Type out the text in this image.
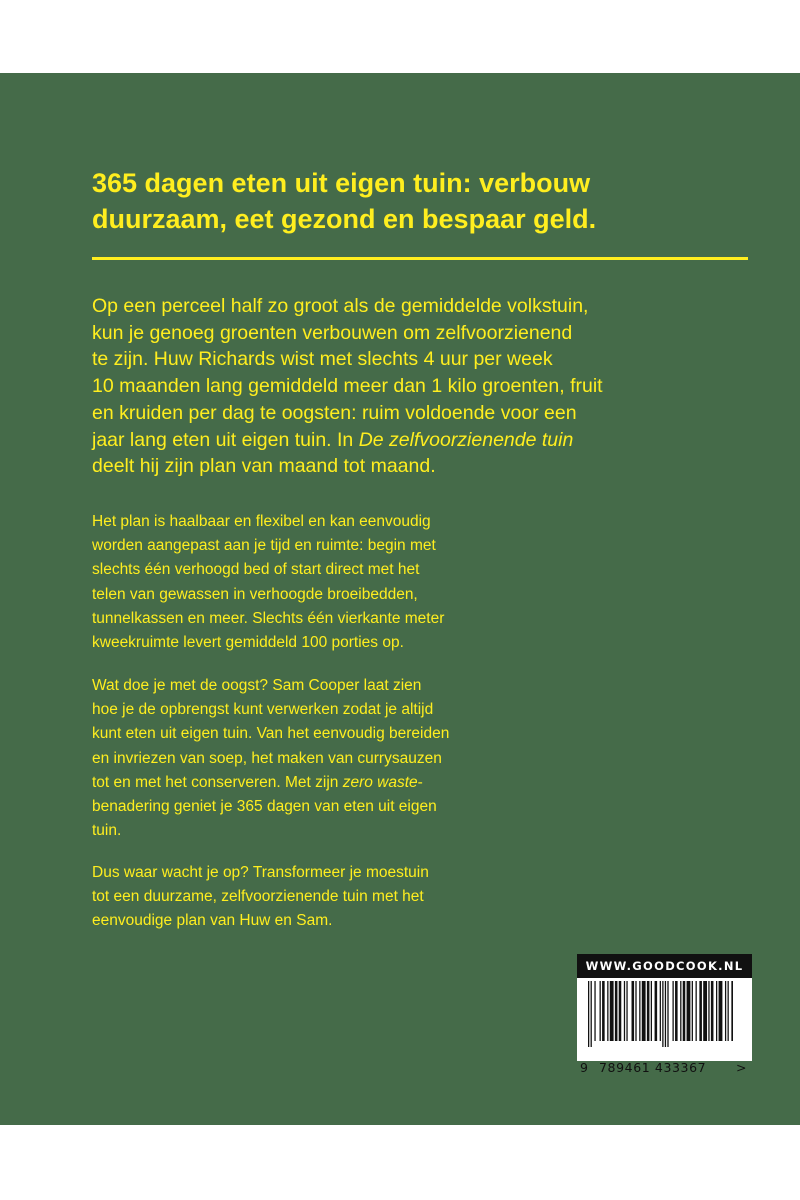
365 dagen eten uit eigen tuin: verbouw
duurzaam, eet gezond en bespaar geld.

Op een perceel half zo groot als de gemiddelde volkstuin,
kun je genoeg groenten verbouwen om zelfvoorzienend
te zijn. Huw Richards wist met slechts 4 uur per week
10 maanden lang gemiddeld meer dan 1 kilo groenten, fruit
en kruiden per dag te oogsten: ruim voldoende voor een
jaar lang eten uit eigen tuin. In De zelfvoorzienende tuin
deelt hij zijn plan van maand tot maand.

Het plan is haalbaar en flexibel en kan eenvoudig
worden aangepast aan je tijd en ruimte: begin met
slechts één verhoogd bed of start direct met het
telen van gewassen in verhoogde broeibedden,
tunnelkassen en meer. Slechts één vierkante meter
kweekruimte levert gemiddeld 100 porties op.

Wat doe je met de oogst? Sam Cooper laat zien
hoe je de opbrengst kunt verwerken zodat je altijd
kunt eten uit eigen tuin. Van het eenvoudig bereiden
en invriezen van soep, het maken van currysauzen
tot en met het conserveren. Met zijn zero waste-
benadering geniet je 365 dagen van eten uit eigen
tuin.

Dus waar wacht je op? Transformeer je moestuin
tot een duurzame, zelfvoorzienende tuin met het
eenvoudige plan van Huw en Sam.

WWW.GOODCOOK.NL
9 789461 433367 >
